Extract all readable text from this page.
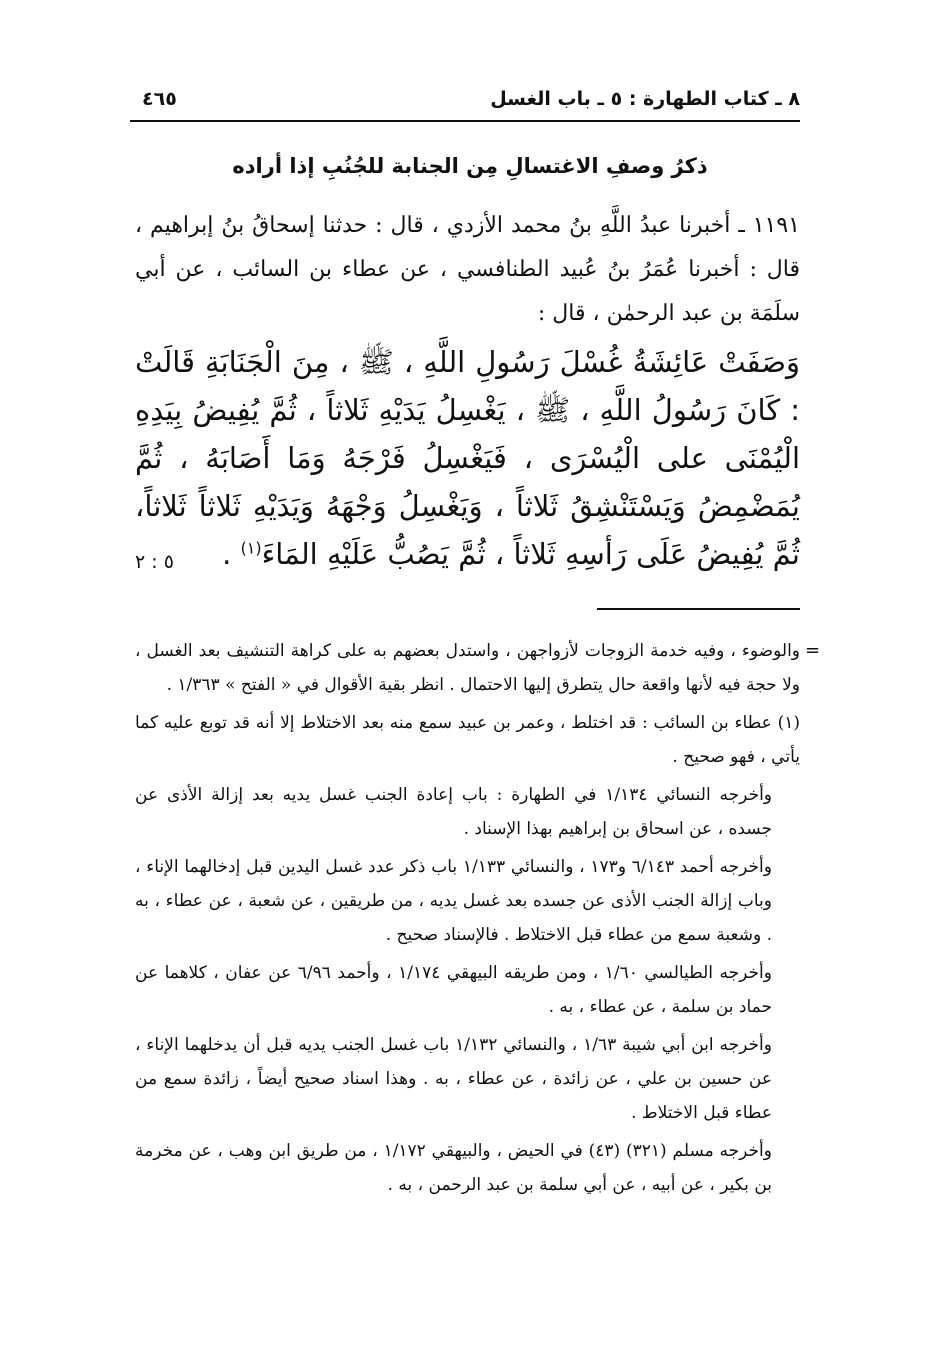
٨ ـ كتاب الطهارة : ٥ ـ باب الغسل
٤٦٥
ذكرُ وصفِ الاغتسالِ مِن الجنابة للجُنُبِ إذا أراده
١١٩١ ـ أخبرنا عبدُ اللَّهِ بنُ محمد الأزدي ، قال : حدثنا إسحاقُ بنُ إبراهيم ، قال : أخبرنا عُمَرُ بنُ عُبيد الطنافسي ، عن عطاء بن السائب ، عن أبي سلَمَة بن عبد الرحمٰن ، قال :
وَصَفَتْ عَائِشَةُ غُسْلَ رَسُولِ اللَّهِ ، ﷺ ، مِنَ الْجَنَابَةِ قَالَتْ : كَانَ رَسُولُ اللَّهِ ، ﷺ ، يَغْسِلُ يَدَيْهِ ثَلاثاً ، ثُمَّ يُفِيضُ بِيَدِهِ الْيُمْنَى على الْيُسْرَى ، فَيَغْسِلُ فَرْجَهُ وَمَا أَصَابَهُ ، ثُمَّ يُمَضْمِضُ وَيَسْتَنْشِقُ ثَلاثاً ، وَيَغْسِلُ وَجْهَهُ وَيَدَيْهِ ثَلاثاً ثَلاثاً، ثُمَّ يُفِيضُ عَلَى رَأسِهِ ثَلاثاً ، ثُمَّ يَصُبُّ عَلَيْهِ المَاءَ$^{(١)}$ .
٥ : ٢
=

والوضوء ، وفيه خدمة الزوجات لأزواجهن ، واستدل بعضهم به على كراهة التنشيف بعد الغسل ، ولا حجة فيه لأنها واقعة حال يتطرق إليها الاحتمال . انظر بقية الأقوال في « الفتح » ١/٣٦٣ .

(١) عطاء بن السائب : قد اختلط ، وعمر بن عبيد سمع منه بعد الاختلاط إلا أنه قد توبع عليه كما يأتي ، فهو صحيح .

وأخرجه النسائي ١/١٣٤ في الطهارة : باب إعادة الجنب غسل يديه بعد إزالة الأذى عن جسده ، عن اسحاق بن إبراهيم بهذا الإسناد .

وأخرجه أحمد ٦/١٤٣ و١٧٣ ، والنسائي ١/١٣٣ باب ذكر عدد غسل اليدين قبل إدخالهما الإناء ، وباب إزالة الجنب الأذى عن جسده بعد غسل يديه ، من طريقين ، عن شعبة ، عن عطاء ، به . وشعبة سمع من عطاء قبل الاختلاط . فالإسناد صحيح .

وأخرجه الطيالسي ١/٦٠ ، ومن طريقه البيهقي ١/١٧٤ ، وأحمد ٦/٩٦ عن عفان ، كلاهما عن حماد بن سلمة ، عن عطاء ، به .

وأخرجه ابن أبي شيبة ١/٦٣ ، والنسائي ١/١٣٢ باب غسل الجنب يديه قبل أن يدخلهما الإناء ، عن حسين بن علي ، عن زائدة ، عن عطاء ، به . وهذا اسناد صحيح أيضاً ، زائدة سمع من عطاء قبل الاختلاط .

وأخرجه مسلم (٣٢١) (٤٣) في الحيض ، والبيهقي ١/١٧٢ ، من طريق ابن وهب ، عن مخرمة بن بكير ، عن أبيه ، عن أبي سلمة بن عبد الرحمن ، به .
